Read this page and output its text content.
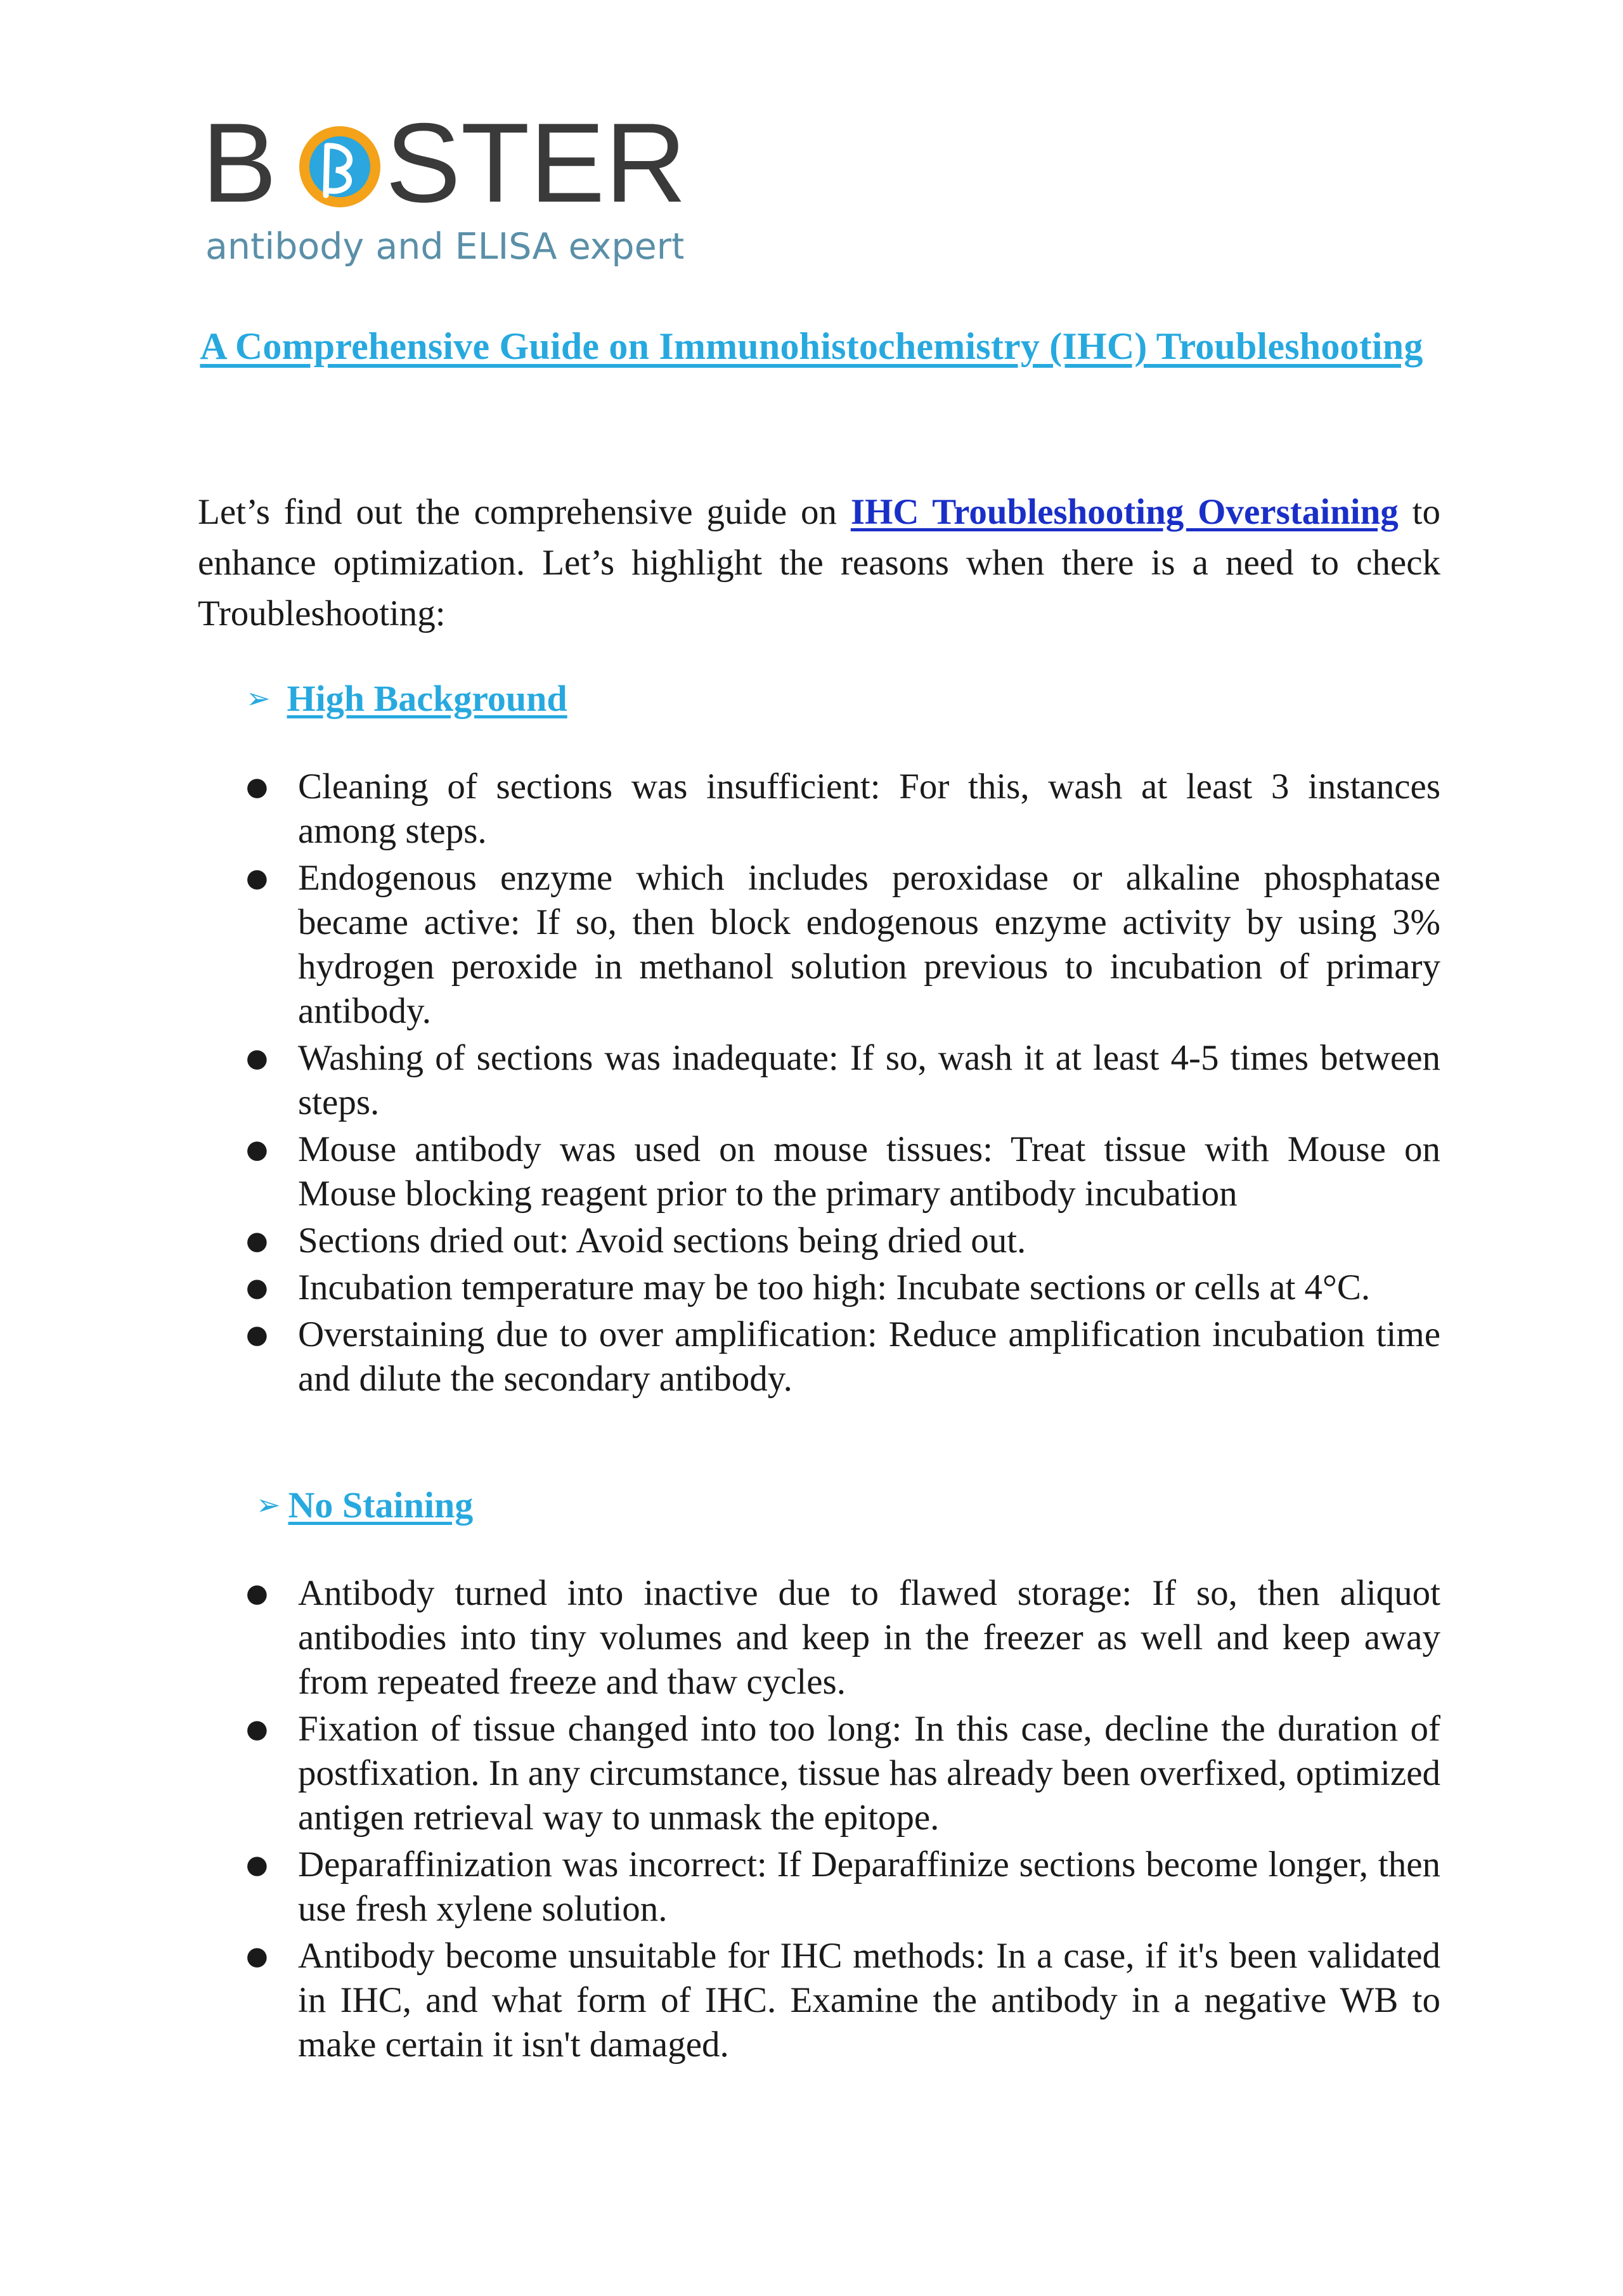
B STER
antibody and ELISA experts
A Comprehensive Guide on Immunohistochemistry (IHC) Troubleshooting
Let’s find out the comprehensive guide on IHC Troubleshooting Overstaining to enhance optimization. Let’s highlight the reasons when there is a need to check Troubleshooting:
➢ High Background
● Cleaning of sections was insufficient: For this, wash at least 3 instances among steps.
● Endogenous enzyme which includes peroxidase or alkaline phosphatase became active: If so, then block endogenous enzyme activity by using 3% hydrogen peroxide in methanol solution previous to incubation of primary antibody.
● Washing of sections was inadequate: If so, wash it at least 4-5 times between steps.
● Mouse antibody was used on mouse tissues: Treat tissue with Mouse on Mouse blocking reagent prior to the primary antibody incubation
● Sections dried out: Avoid sections being dried out.
● Incubation temperature may be too high: Incubate sections or cells at 4°C.
● Overstaining due to over amplification: Reduce amplification incubation time and dilute the secondary antibody.
➢ No Staining
● Antibody turned into inactive due to flawed storage: If so, then aliquot antibodies into tiny volumes and keep in the freezer as well and keep away from repeated freeze and thaw cycles.
● Fixation of tissue changed into too long: In this case, decline the duration of postfixation. In any circumstance, tissue has already been overfixed, optimized antigen retrieval way to unmask the epitope.
● Deparaffinization was incorrect: If Deparaffinize sections become longer, then use fresh xylene solution.
● Antibody become unsuitable for IHC methods: In a case, if it's been validated in IHC, and what form of IHC. Examine the antibody in a negative WB to make certain it isn't damaged.
